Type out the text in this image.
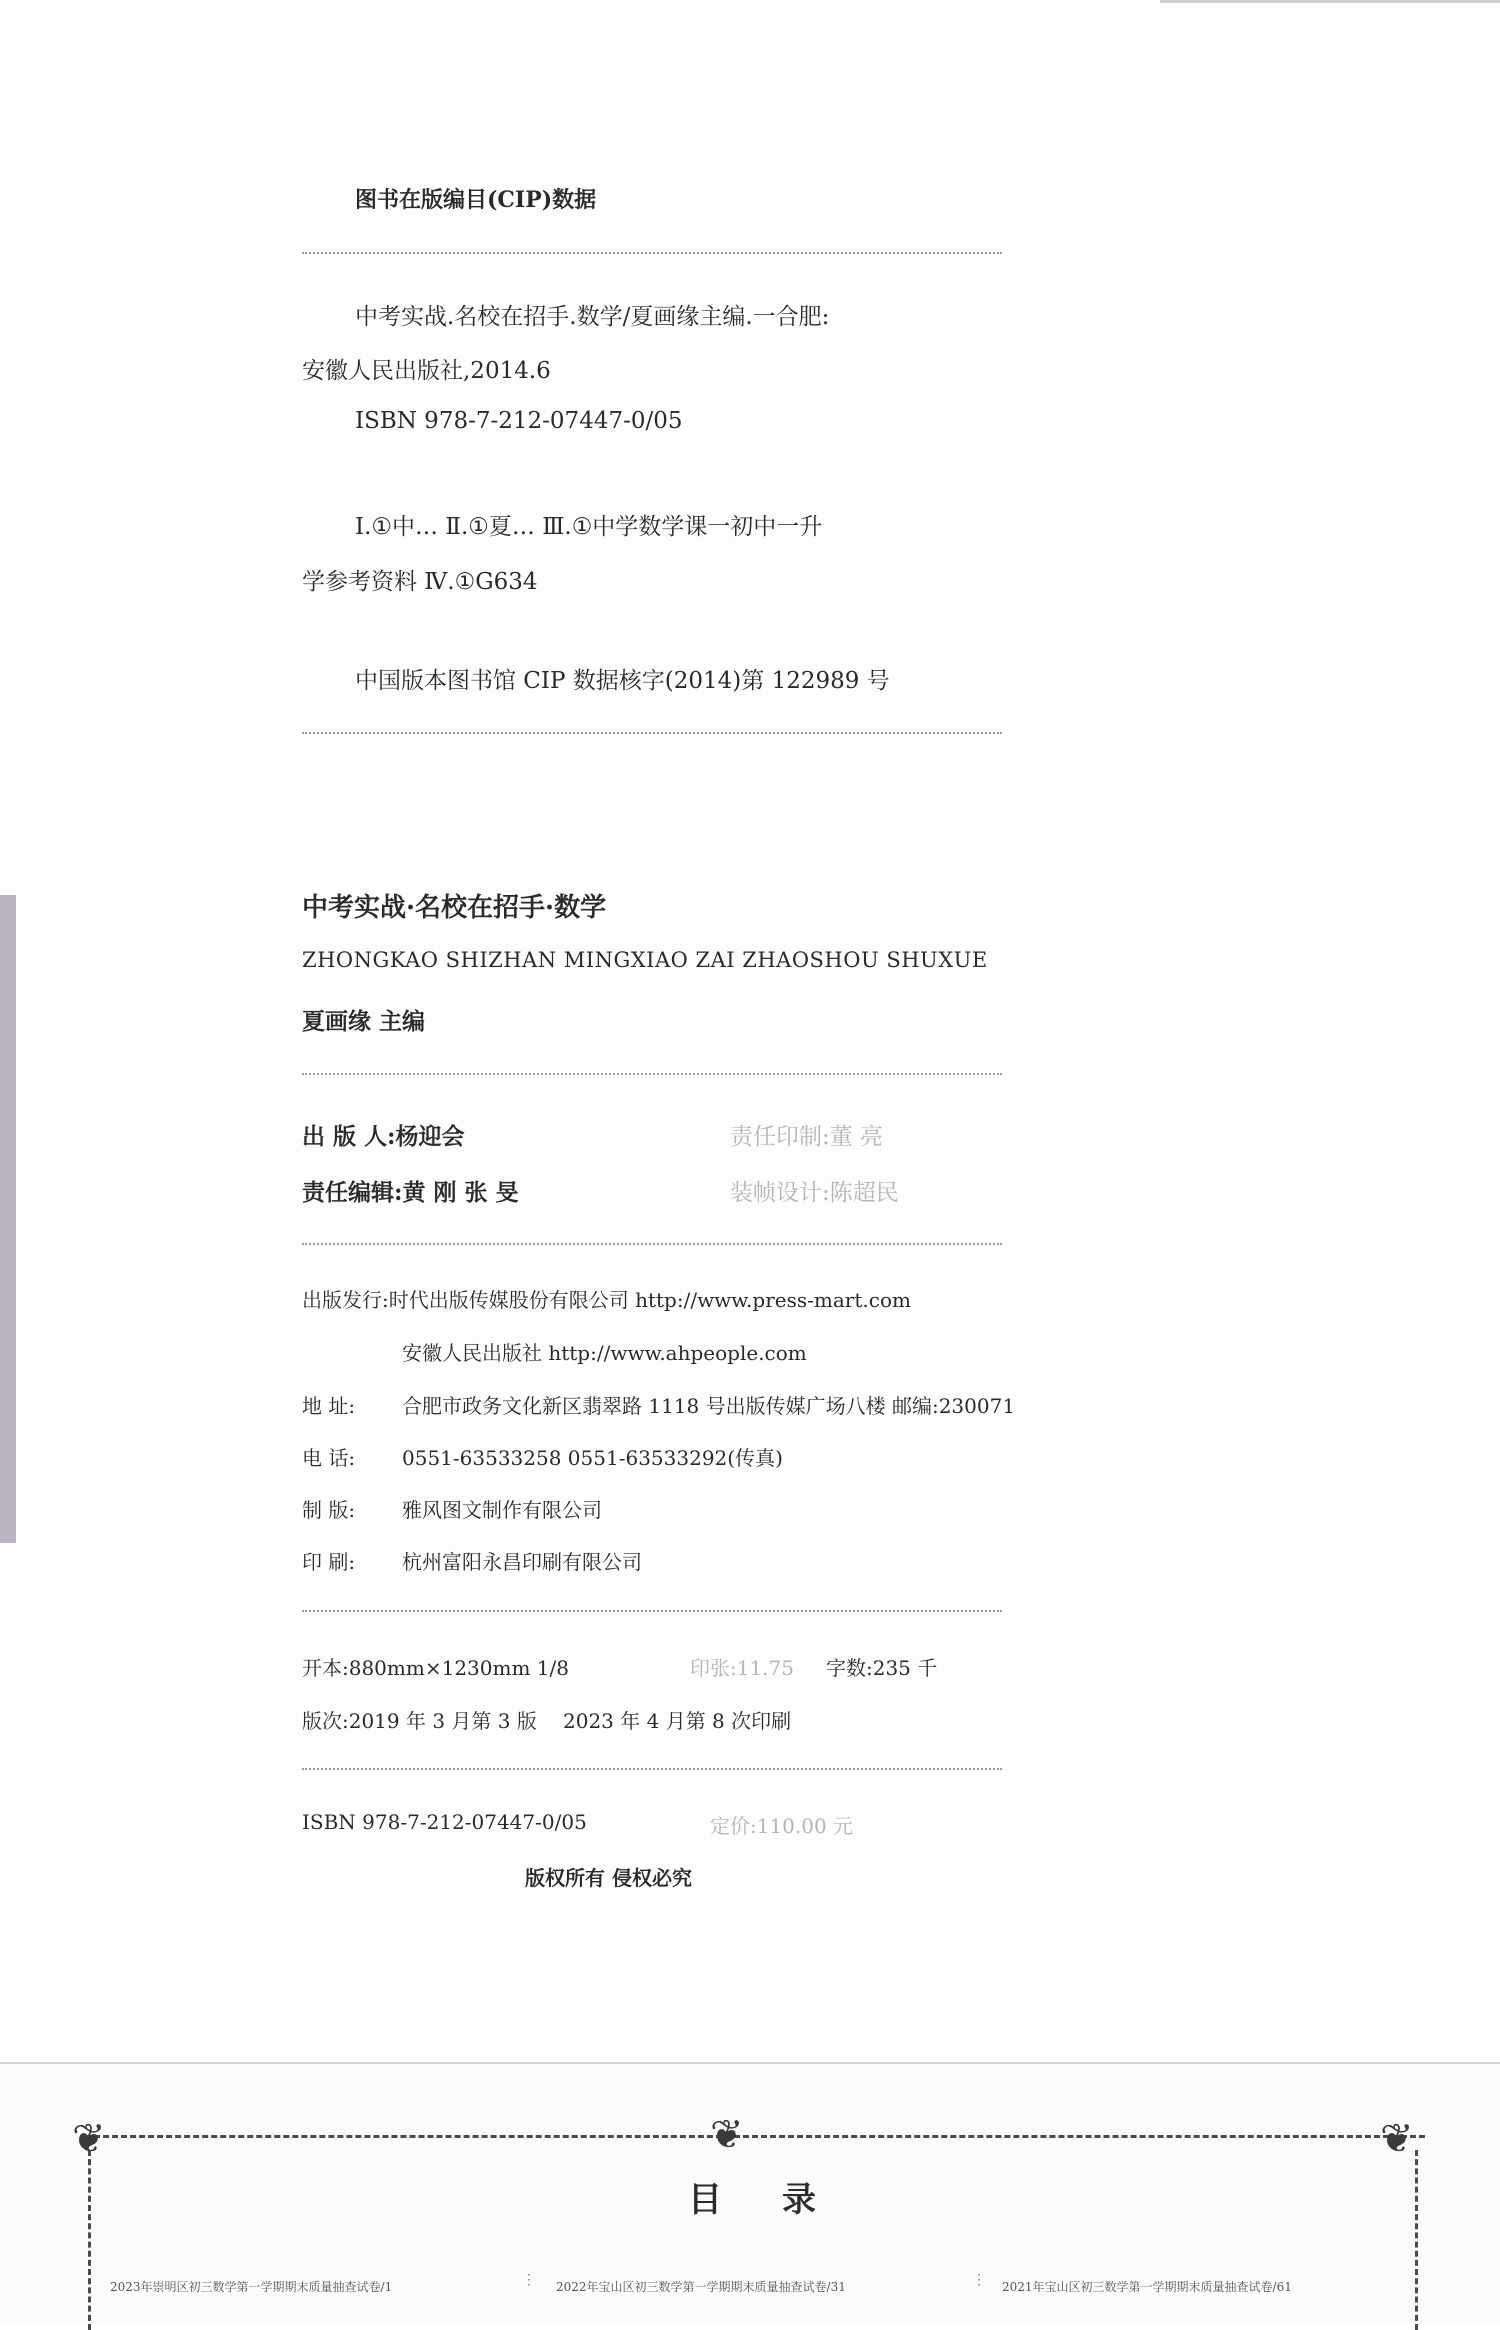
图书在版编目(CIP)数据
中考实战.名校在招手.数学/夏画缘主编.一合肥:
安徽人民出版社,2014.6
ISBN 978-7-212-07447-0/05
Ⅰ.①中… Ⅱ.①夏… Ⅲ.①中学数学课一初中一升
学参考资料 Ⅳ.①G634
中国版本图书馆 CIP 数据核字(2014)第 122989 号
中考实战·名校在招手·数学
ZHONGKAO SHIZHAN MINGXIAO ZAI ZHAOSHOU SHUXUE
夏画缘 主编
出 版 人:杨迎会	责任印制:董 亮
责任编辑:黄 刚 张 旻	装帧设计:陈超民
出版发行:时代出版传媒股份有限公司 http://www.press-mart.com
安徽人民出版社 http://www.ahpeople.com
地 址: 合肥市政务文化新区翡翠路 1118 号出版传媒广场八楼 邮编:230071
电 话: 0551-63533258 0551-63533292(传真)
制 版: 雅风图文制作有限公司
印 刷: 杭州富阳永昌印刷有限公司
开本:880mm×1230mm 1/8	印张:11.75 字数:235 千
版次:2019 年 3 月第 3 版 2023 年 4 月第 8 次印刷
ISBN 978-7-212-07447-0/05	定价:110.00 元
版权所有 侵权必究
❦	❦	❦
目录
2023年崇明区初三数学第一学期期末质量抽查试卷/1	⋮ 2022年宝山区初三数学第一学期期末质量抽查试卷/31	⋮ 2021年宝山区初三数学第一学期期末质量抽查试卷/61
